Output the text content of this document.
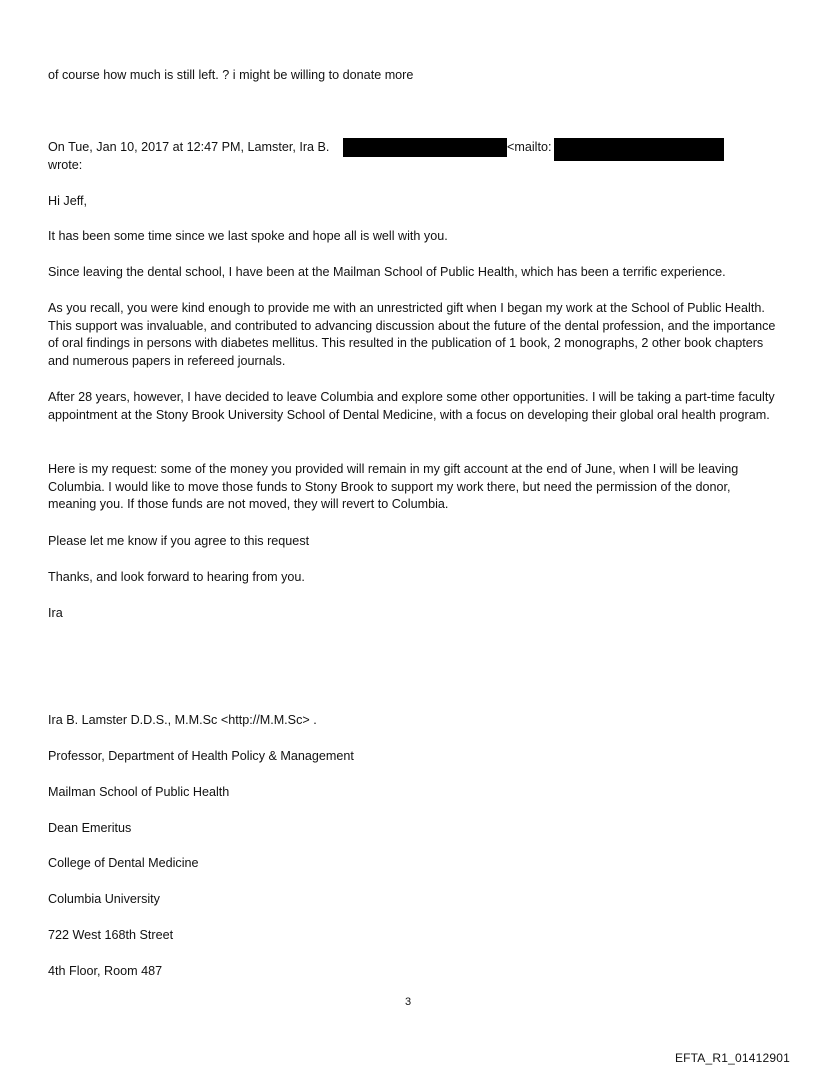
of course how much is still left. ? i might be willing to donate more
On Tue, Jan 10, 2017 at 12:47 PM, Lamster, Ira B.	<mailto:
wrote:
Hi Jeff,
It has been some time since we last spoke and hope all is well with you.
Since leaving the dental school, I have been at the Mailman School of Public Health, which has been a terrific experience.
As you recall, you were kind enough to provide me with an unrestricted gift when I began my work at the School of Public Health. This support was invaluable, and contributed to advancing discussion about the future of the dental profession, and the importance of oral findings in persons with diabetes mellitus. This resulted in the publication of 1 book, 2 monographs, 2 other book chapters and numerous papers in refereed journals.
After 28 years, however, I have decided to leave Columbia and explore some other opportunities. I will be taking a part-time faculty appointment at the Stony Brook University School of Dental Medicine, with a focus on developing their global oral health program.
Here is my request: some of the money you provided will remain in my gift account at the end of June, when I will be leaving Columbia. I would like to move those funds to Stony Brook to support my work there, but need the permission of the donor, meaning you. If those funds are not moved, they will revert to Columbia.
Please let me know if you agree to this request
Thanks, and look forward to hearing from you.
Ira
Ira B. Lamster D.D.S., M.M.Sc <http://M.M.Sc> .
Professor, Department of Health Policy & Management
Mailman School of Public Health
Dean Emeritus
College of Dental Medicine
Columbia University
722 West 168th Street
4th Floor, Room 487
3
EFTA_R1_01412901
